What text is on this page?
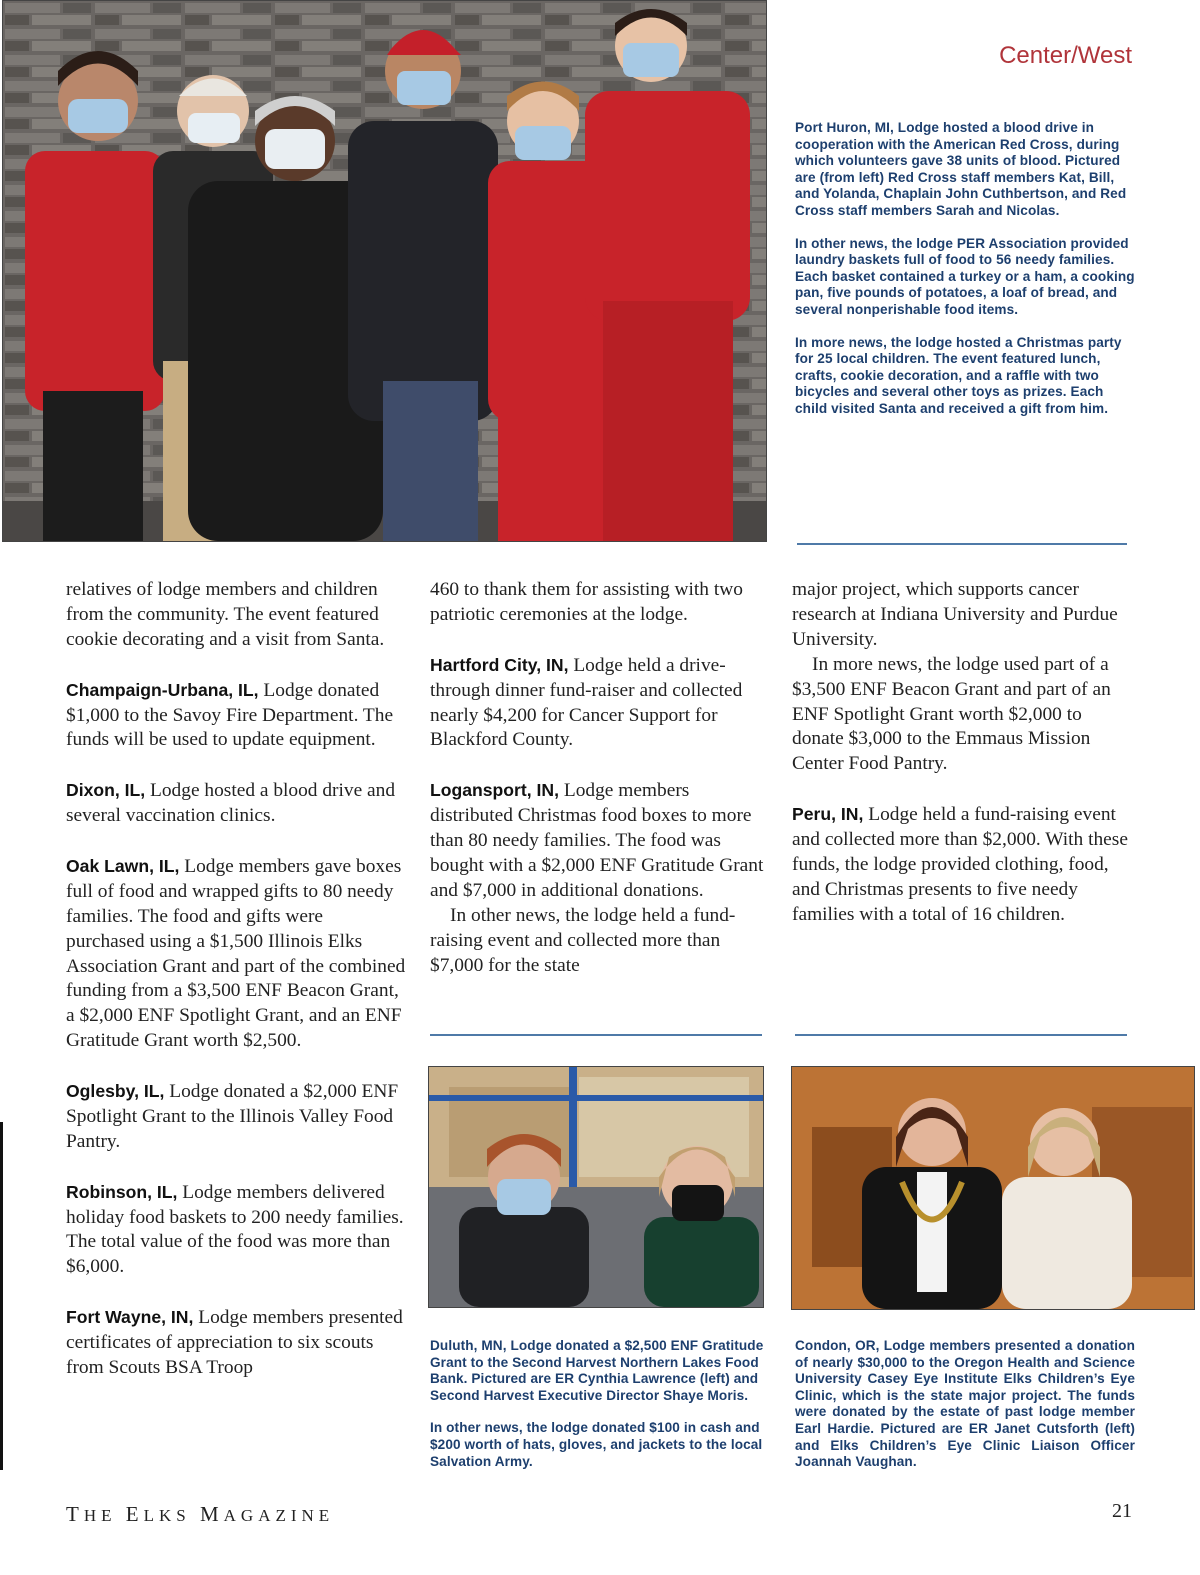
Center/West

Port Huron, MI, Lodge hosted a blood drive in cooperation with the American Red Cross, during which volunteers gave 38 units of blood. Pictured are (from left) Red Cross staff members Kat, Bill, and Yolanda, Chaplain John Cuthbertson, and Red Cross staff members Sarah and Nicolas.

In other news, the lodge PER Association provided laundry baskets full of food to 56 needy families. Each basket contained a turkey or a ham, a cooking pan, five pounds of potatoes, a loaf of bread, and several nonperishable food items.

In more news, the lodge hosted a Christmas party for 25 local children. The event featured lunch, crafts, cookie decoration, and a raffle with two bicycles and several other toys as prizes. Each child visited Santa and received a gift from him.

relatives of lodge members and children from the community. The event featured cookie decorating and a visit from Santa.

Champaign-Urbana, IL, Lodge donated $1,000 to the Savoy Fire Department. The funds will be used to update equipment.

Dixon, IL, Lodge hosted a blood drive and several vaccination clinics.

Oak Lawn, IL, Lodge members gave boxes full of food and wrapped gifts to 80 needy families. The food and gifts were purchased using a $1,500 Illinois Elks Association Grant and part of the combined funding from a $3,500 ENF Beacon Grant, a $2,000 ENF Spotlight Grant, and an ENF Gratitude Grant worth $2,500.

Oglesby, IL, Lodge donated a $2,000 ENF Spotlight Grant to the Illinois Valley Food Pantry.

Robinson, IL, Lodge members delivered holiday food baskets to 200 needy families. The total value of the food was more than $6,000.

Fort Wayne, IN, Lodge members presented certificates of appreciation to six scouts from Scouts BSA Troop

460 to thank them for assisting with two patriotic ceremonies at the lodge.

Hartford City, IN, Lodge held a drive-through dinner fund-raiser and collected nearly $4,200 for Cancer Support for Blackford County.

Logansport, IN, Lodge members distributed Christmas food boxes to more than 80 needy families. The food was bought with a $2,000 ENF Gratitude Grant and $7,000 in additional donations.

In other news, the lodge held a fund-raising event and collected more than $7,000 for the state

major project, which supports cancer research at Indiana University and Purdue University.

In more news, the lodge used part of a $3,500 ENF Beacon Grant and part of an ENF Spotlight Grant worth $2,000 to donate $3,000 to the Emmaus Mission Center Food Pantry.

Peru, IN, Lodge held a fund-raising event and collected more than $2,000. With these funds, the lodge provided clothing, food, and Christmas presents to five needy families with a total of 16 children.

Duluth, MN, Lodge donated a $2,500 ENF Gratitude Grant to the Second Harvest Northern Lakes Food Bank. Pictured are ER Cynthia Lawrence (left) and Second Harvest Executive Director Shaye Moris.

In other news, the lodge donated $100 in cash and $200 worth of hats, gloves, and jackets to the local Salvation Army.

Condon, OR, Lodge members presented a donation of nearly $30,000 to the Oregon Health and Science University Casey Eye Institute Elks Children’s Eye Clinic, which is the state major project. The funds were donated by the estate of past lodge member Earl Hardie. Pictured are ER Janet Cutsforth (left) and Elks Children’s Eye Clinic Liaison Officer Joannah Vaughan.

THE ELKS MAGAZINE	21
